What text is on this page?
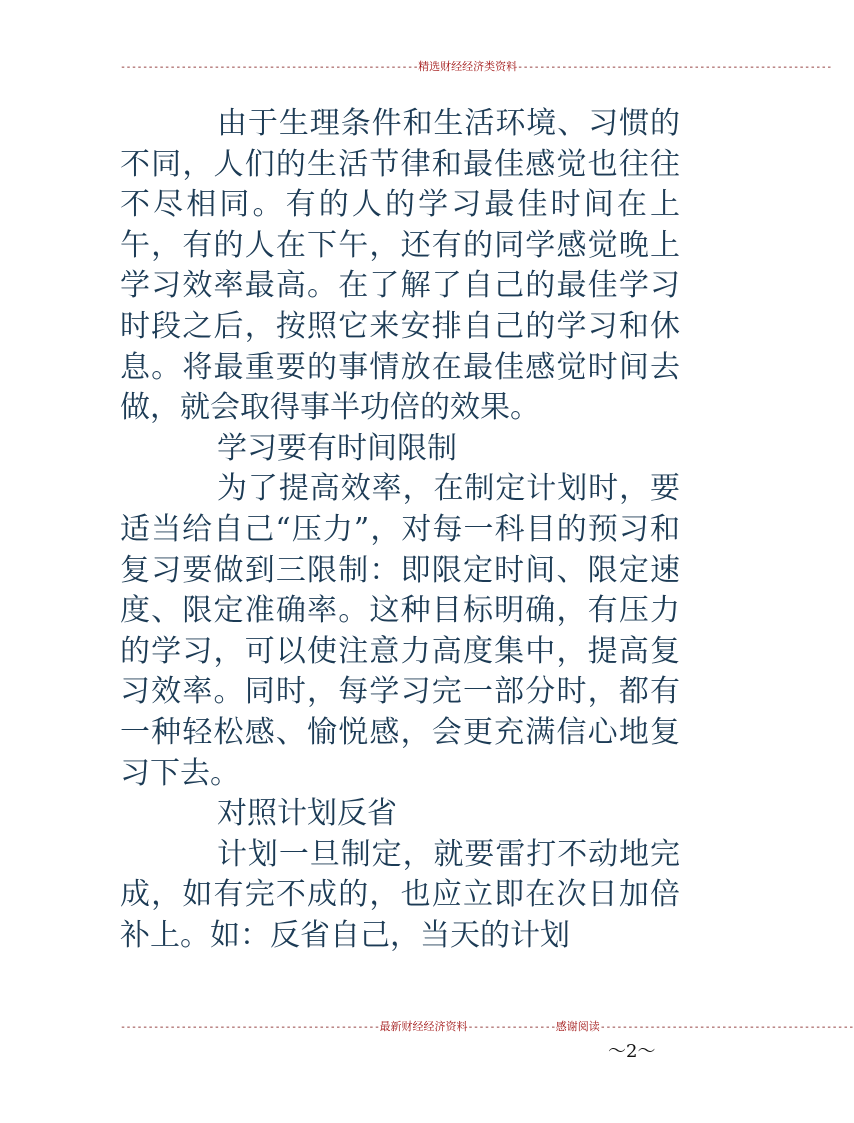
------------------------------------------------------精选财经经济类资料---------------------------------------------------------

由于生理条件和生活环境、习惯的不同，人们的生活节律和最佳感觉也往往不尽相同。有的人的学习最佳时间在上午，有的人在下午，还有的同学感觉晚上学习效率最高。在了解了自己的最佳学习时段之后，按照它来安排自己的学习和休息。将最重要的事情放在最佳感觉时间去做，就会取得事半功倍的效果。

学习要有时间限制

为了提高效率，在制定计划时，要适当给自己“压力”，对每一科目的预习和复习要做到三限制：即限定时间、限定速度、限定准确率。这种目标明确，有压力的学习，可以使注意力高度集中，提高复习效率。同时，每学习完一部分时，都有一种轻松感、愉悦感，会更充满信心地复习下去。

对照计划反省

计划一旦制定，就要雷打不动地完成，如有完不成的，也应立即在次日加倍补上。如：反省自己，当天的计划

-----------------------------------------------最新财经经济资料----------------感谢阅读----------------------------------------------
～2～
